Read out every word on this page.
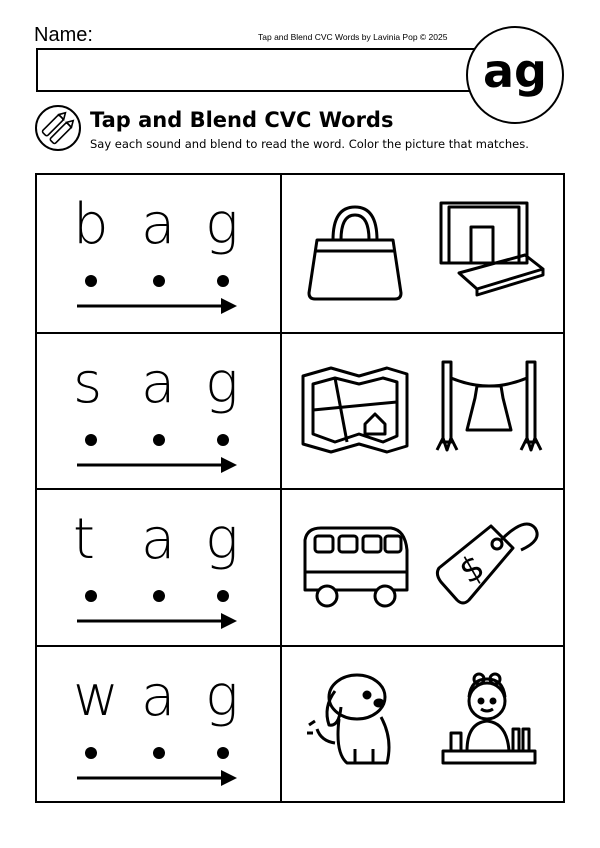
Name:	Tap and Blend CVC Words by Lavinia Pop © 2025
ag
Tap and Blend CVC Words
Say each sound and blend to read the word. Color the picture that matches.
b a g
s a g
t a g	$
w a g
